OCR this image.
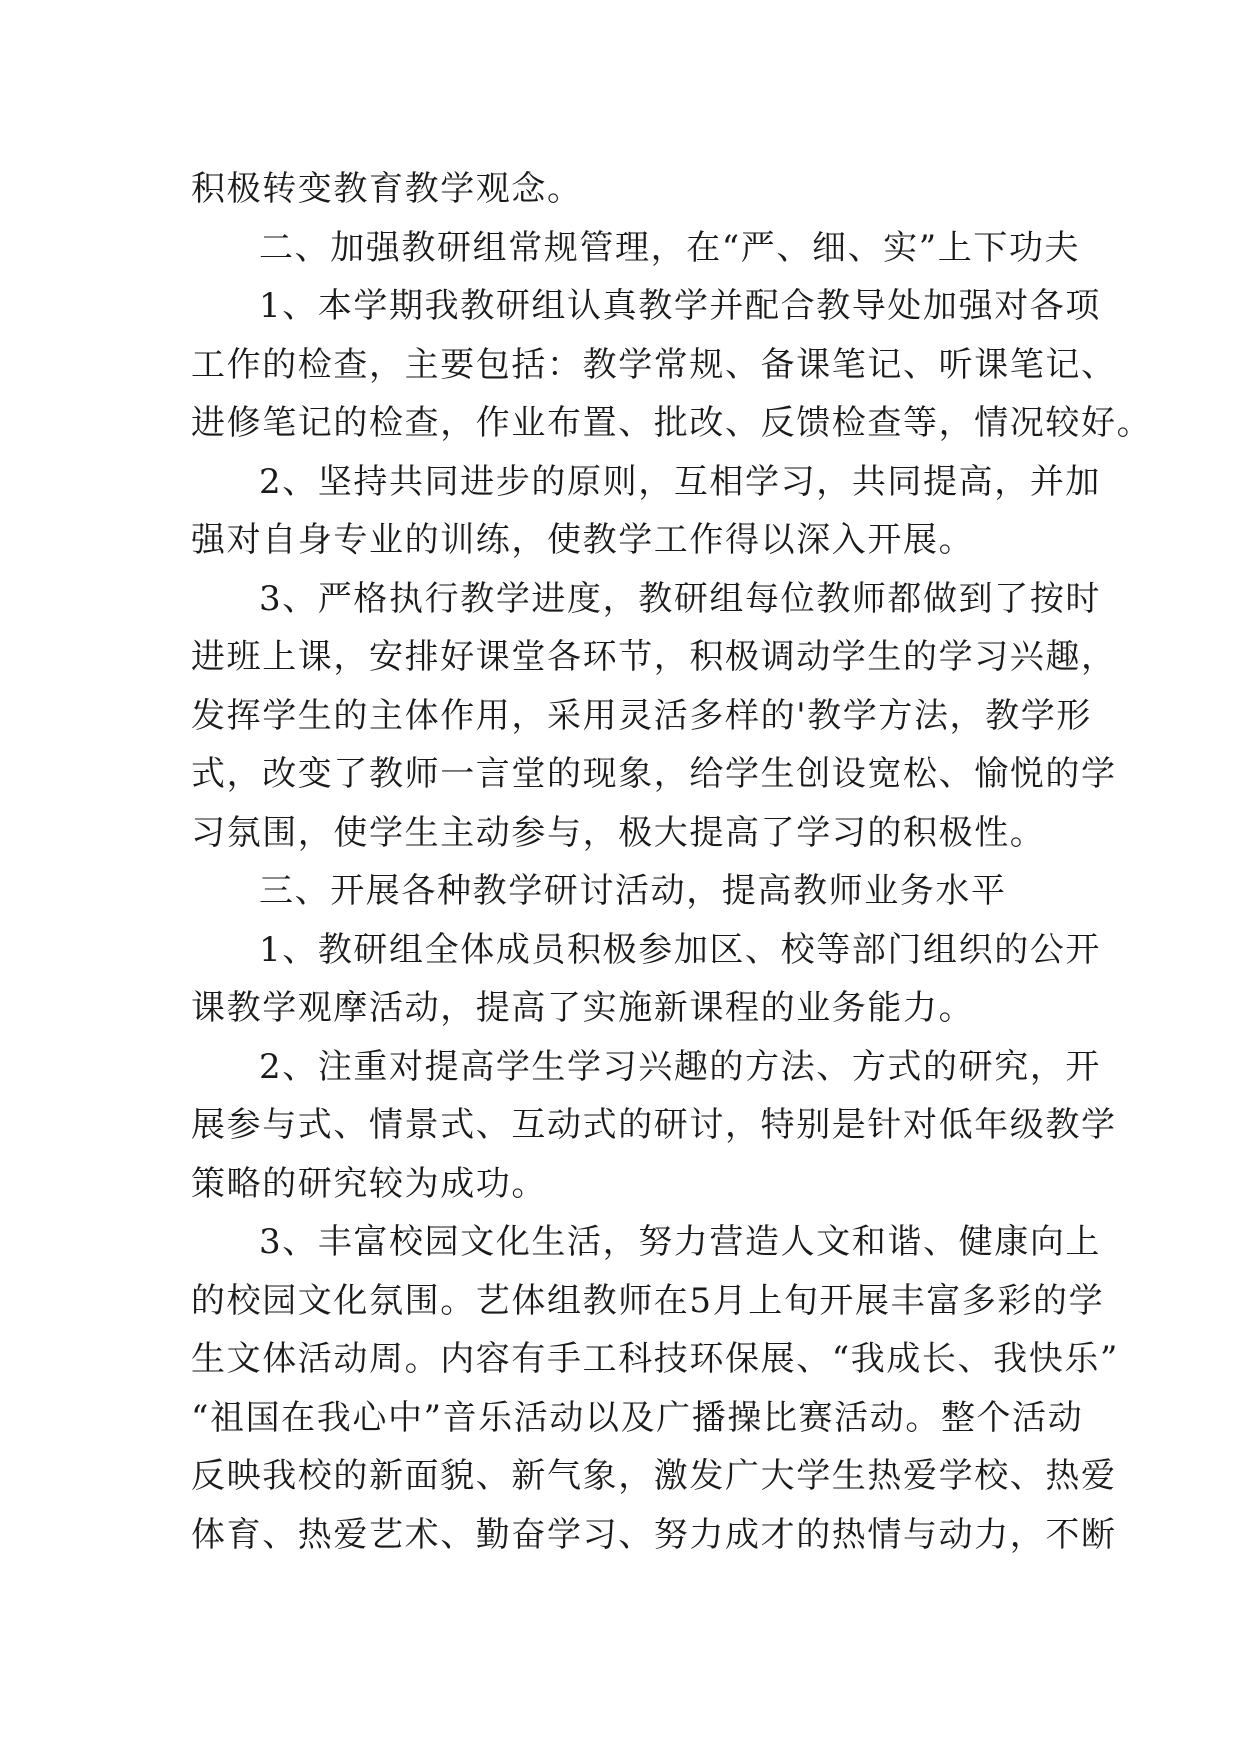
积极转变教育教学观念。
二、加强教研组常规管理，在“严、细、实”上下功夫
1、本学期我教研组认真教学并配合教导处加强对各项
工作的检查，主要包括：教学常规、备课笔记、听课笔记、
进修笔记的检查，作业布置、批改、反馈检查等，情况较好。
2、坚持共同进步的原则，互相学习，共同提高，并加
强对自身专业的训练，使教学工作得以深入开展。
3、严格执行教学进度，教研组每位教师都做到了按时
进班上课，安排好课堂各环节，积极调动学生的学习兴趣，
发挥学生的主体作用，采用灵活多样的'教学方法，教学形
式，改变了教师一言堂的现象，给学生创设宽松、愉悦的学
习氛围，使学生主动参与，极大提高了学习的积极性。
三、开展各种教学研讨活动，提高教师业务水平
1、教研组全体成员积极参加区、校等部门组织的公开
课教学观摩活动，提高了实施新课程的业务能力。
2、注重对提高学生学习兴趣的方法、方式的研究，开
展参与式、情景式、互动式的研讨，特别是针对低年级教学
策略的研究较为成功。
3、丰富校园文化生活，努力营造人文和谐、健康向上
的校园文化氛围。艺体组教师在5月上旬开展丰富多彩的学
生文体活动周。内容有手工科技环保展、“我成长、我快乐”
“祖国在我心中”音乐活动以及广播操比赛活动。整个活动
反映我校的新面貌、新气象，激发广大学生热爱学校、热爱
体育、热爱艺术、勤奋学习、努力成才的热情与动力，不断
